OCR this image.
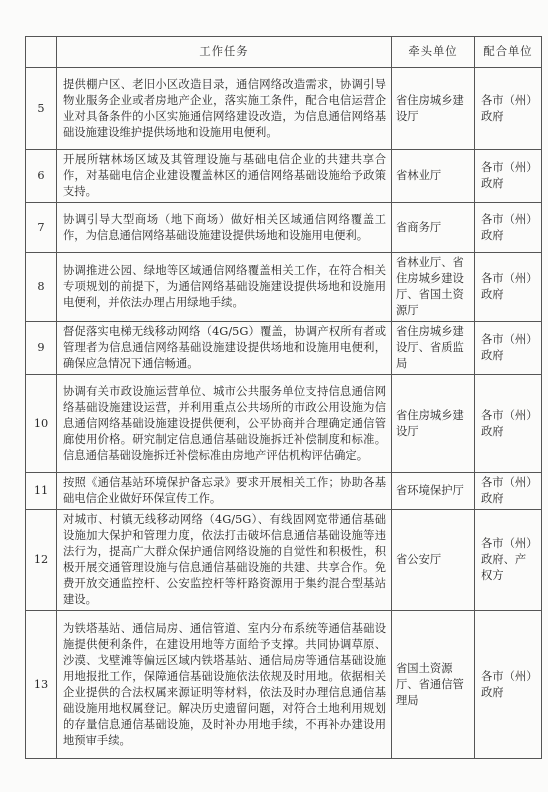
	工作任务	牵头单位	配合单位
5	提供棚户区、老旧小区改造目录，通信网络改造需求，协调引导物业服务企业或者房地产企业，落实施工条件，配合电信运营企业对具备条件的小区实施通信网络建设改造，为信息通信网络基础设施建设维护提供场地和设施用电便利。	省住房城乡建设厅	各市（州）政府
6	开展所辖林场区域及其管理设施与基础电信企业的共建共享合作，对基础电信企业建设覆盖林区的通信网络基础设施给予政策支持。	省林业厅	各市（州）政府
7	协调引导大型商场（地下商场）做好相关区域通信网络覆盖工作，为信息通信网络基础设施建设提供场地和设施用电便利。	省商务厅	各市（州）政府
8	协调推进公园、绿地等区域通信网络覆盖相关工作，在符合相关专项规划的前提下，为通信网络基础设施建设提供场地和设施用电便利，并依法办理占用绿地手续。	省林业厅、省住房城乡建设厅、省国土资源厅	各市（州）政府
9	督促落实电梯无线移动网络（4G/5G）覆盖，协调产权所有者或管理者为信息通信网络基础设施建设提供场地和设施用电便利，确保应急情况下通信畅通。	省住房城乡建设厅、省质监局	各市（州）政府
10	协调有关市政设施运营单位、城市公共服务单位支持信息通信网络基础设施建设运营，并利用重点公共场所的市政公用设施为信息通信网络基础设施建设提供便利，公平协商并合理确定通信管廊使用价格。研究制定信息通信基础设施拆迁补偿制度和标准。信息通信基础设施拆迁补偿标准由房地产评估机构评估确定。	省住房城乡建设厅	各市（州）政府
11	按照《通信基站环境保护备忘录》要求开展相关工作；协助各基础电信企业做好环保宣传工作。	省环境保护厅	各市（州）政府
12	对城市、村镇无线移动网络（4G/5G）、有线固网宽带通信基础设施加大保护和管理力度，依法打击破坏信息通信基础设施等违法行为，提高广大群众保护通信网络设施的自觉性和积极性，积极开展交通管理设施与信息通信基础设施的共建、共享合作。免费开放交通监控杆、公安监控杆等杆路资源用于集约混合型基站建设。	省公安厅	各市（州）政府、产权方
13	为铁塔基站、通信局房、通信管道、室内分布系统等通信基础设施提供便利条件，在建设用地等方面给予支撑。共同协调草原、沙漠、戈壁滩等偏远区域内铁塔基站、通信局房等通信基础设施用地报批工作，保障通信基础设施依法依规及时用地。依据相关企业提供的合法权属来源证明等材料，依法及时办理信息通信基础设施用地权属登记。解决历史遗留问题，对符合土地利用规划的存量信息通信基础设施，及时补办用地手续，不再补办建设用地预审手续。	省国土资源厅、省通信管理局	各市（州）政府
